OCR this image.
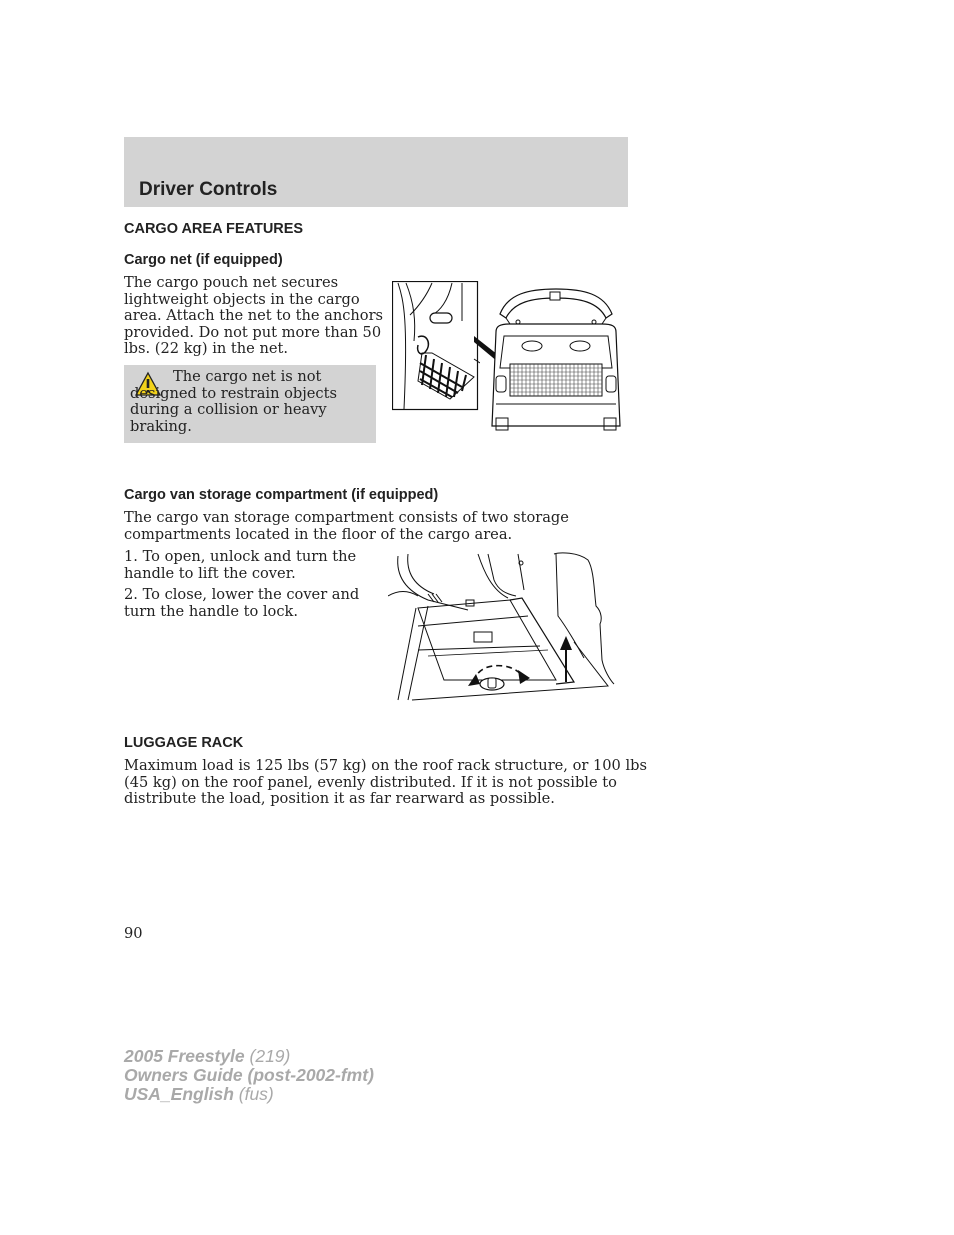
Driver Controls
CARGO AREA FEATURES
Cargo net (if equipped)

The cargo pouch net secures
lightweight objects in the cargo
area. Attach the net to the anchors
provided. Do not put more than 50
lbs. (22 kg) in the net.

The cargo net is not
designed to restrain objects
during a collision or heavy
braking.

Cargo van storage compartment (if equipped)

The cargo van storage compartment consists of two storage
compartments located in the floor of the cargo area.

1. To open, unlock and turn the
handle to lift the cover.

2. To close, lower the cover and
turn the handle to lock.

LUGGAGE RACK

Maximum load is 125 lbs (57 kg) on the roof rack structure, or 100 lbs
(45 kg) on the roof panel, evenly distributed. If it is not possible to
distribute the load, position it as far rearward as possible.

90
2005 Freestyle (219)
Owners Guide (post-2002-fmt)
USA_English (fus)
